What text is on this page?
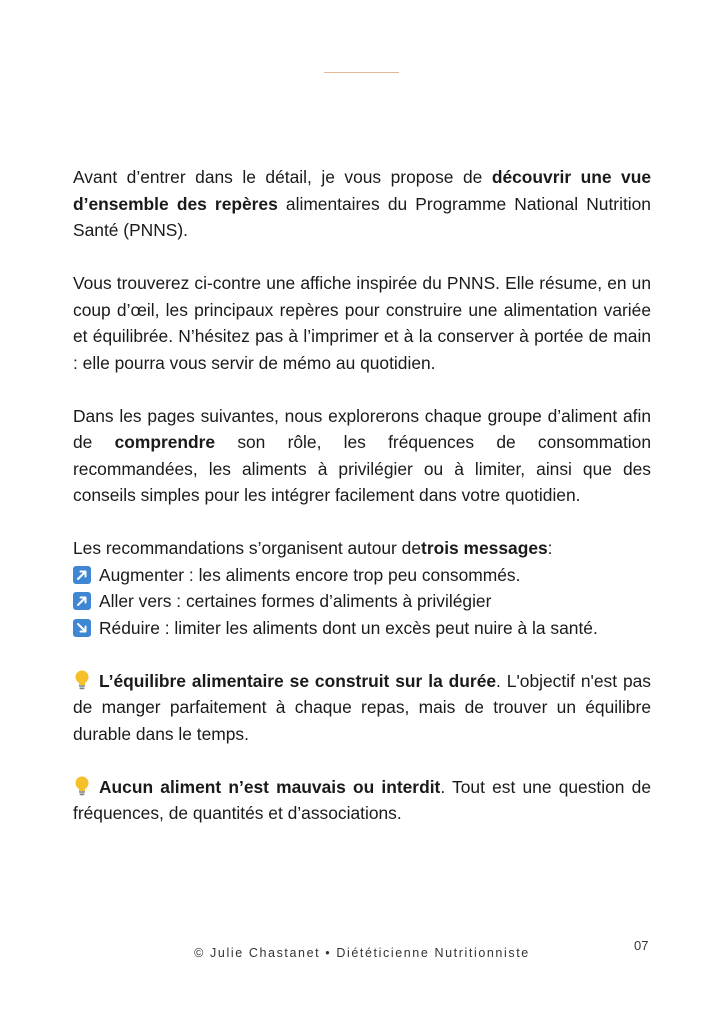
Avant d’entrer dans le détail, je vous propose de découvrir une vue d’ensemble des repères alimentaires du Programme National Nutrition Santé (PNNS).

Vous trouverez ci-contre une affiche inspirée du PNNS. Elle résume, en un coup d’œil, les principaux repères pour construire une alimentation variée et équilibrée. N’hésitez pas à l’imprimer et à la conserver à portée de main : elle pourra vous servir de mémo au quotidien.

Dans les pages suivantes, nous explorerons chaque groupe d’aliment afin de comprendre son rôle, les fréquences de consommation recommandées, les aliments à privilégier ou à limiter, ainsi que des conseils simples pour les intégrer facilement dans votre quotidien.

Les recommandations s’organisent autour de trois messages :
Augmenter : les aliments encore trop peu consommés.
Aller vers : certaines formes d’aliments à privilégier
Réduire : limiter les aliments dont un excès peut nuire à la santé.

L’équilibre alimentaire se construit sur la durée. L'objectif n'est pas de manger parfaitement à chaque repas, mais de trouver un équilibre durable dans le temps.

Aucun aliment n’est mauvais ou interdit. Tout est une question de fréquences, de quantités et d’associations.

© Julie Chastanet • Diététicienne Nutritionniste	07
